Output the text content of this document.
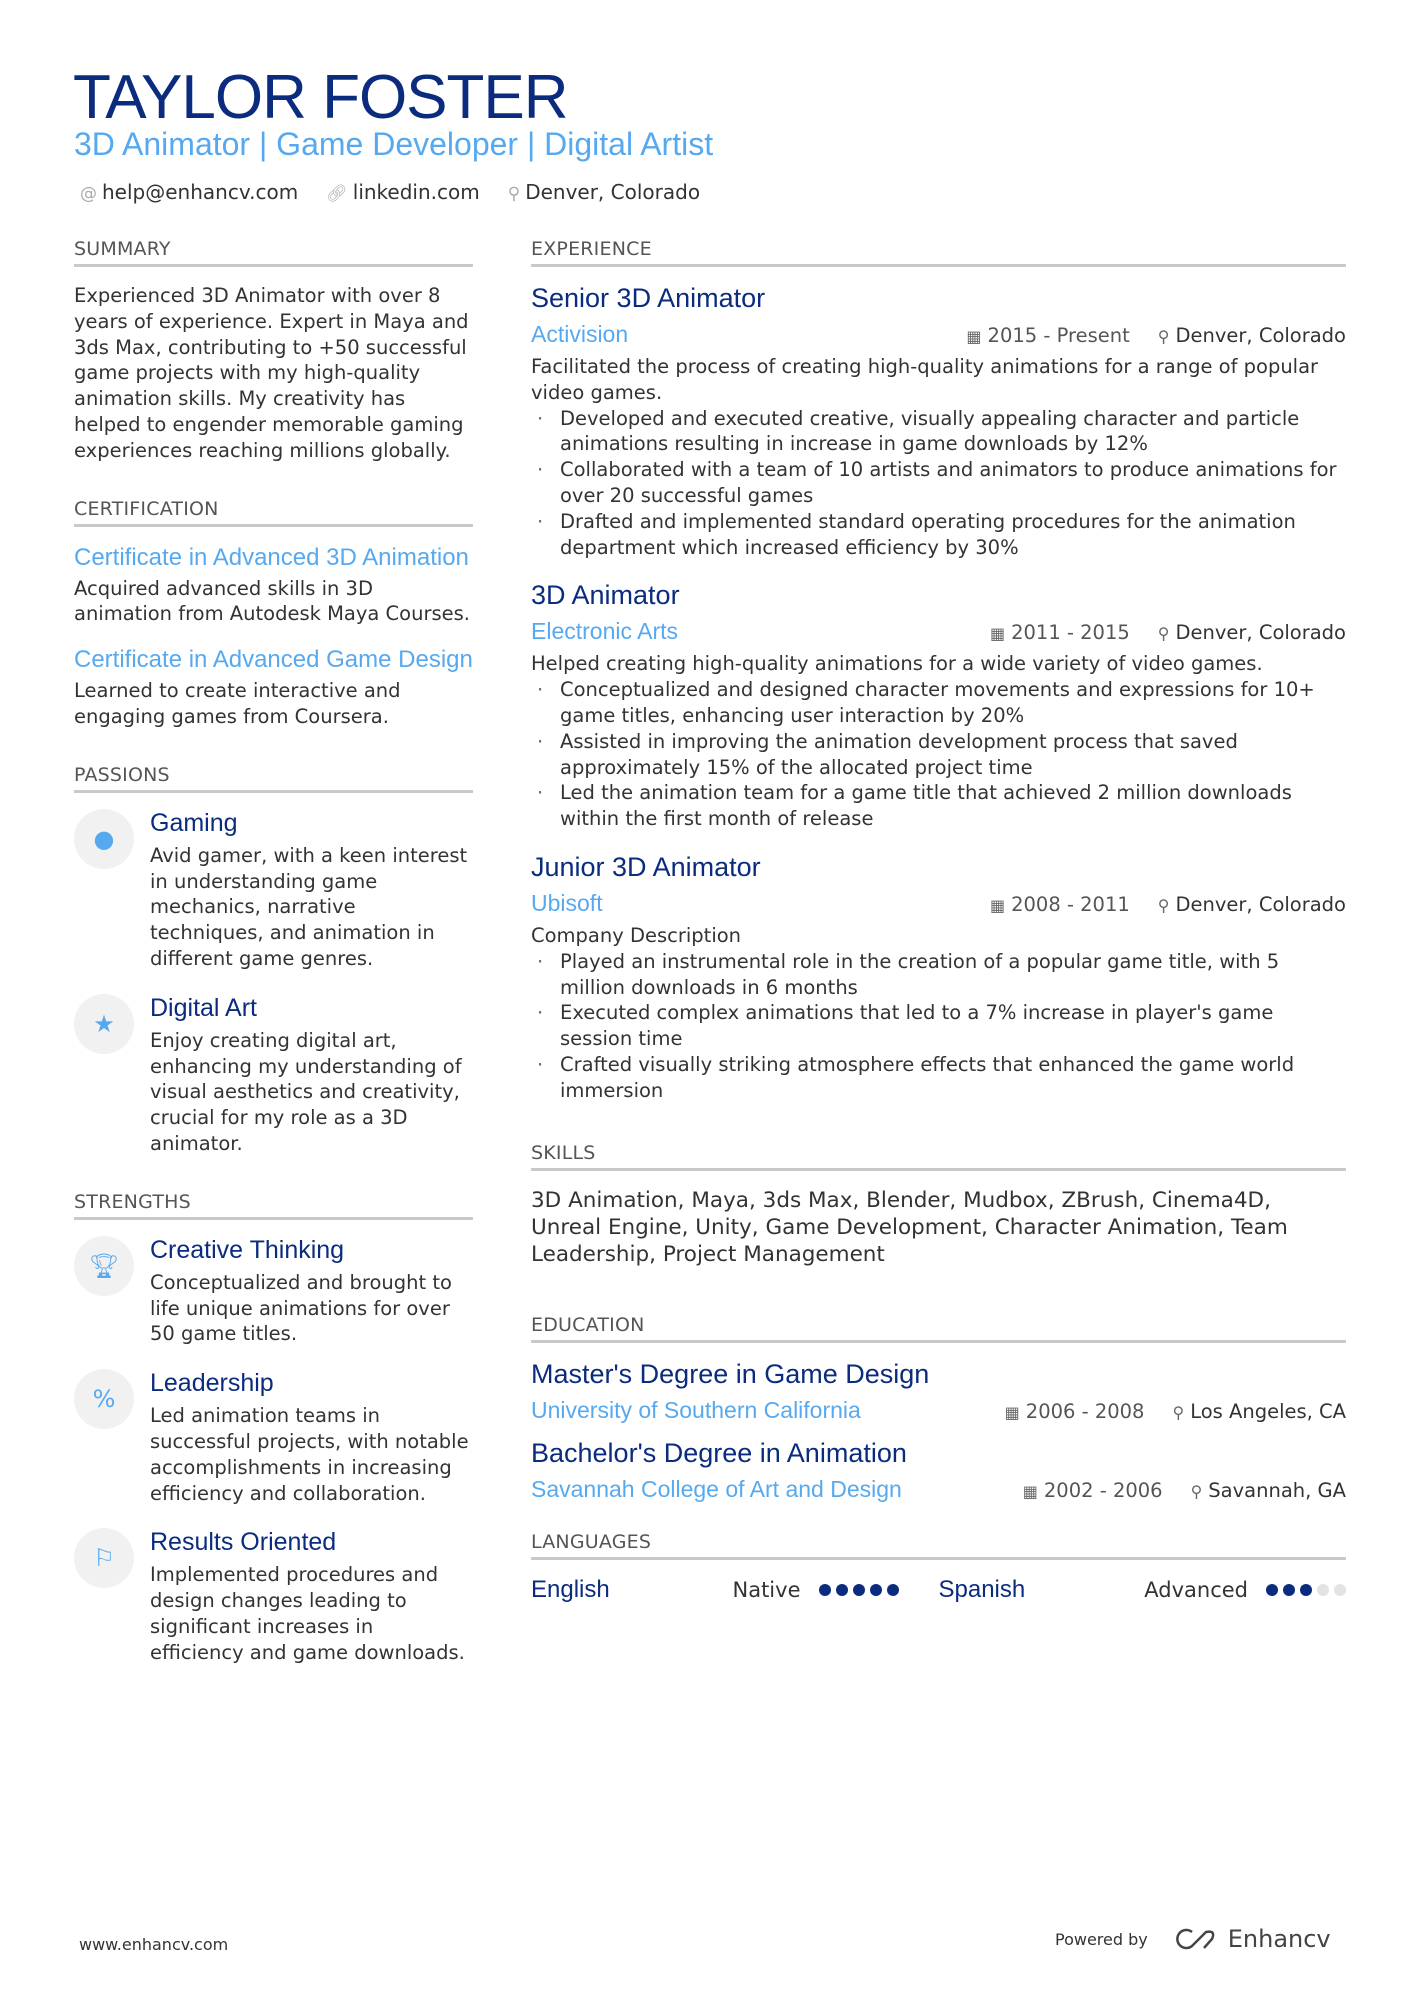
TAYLOR FOSTER
3D Animator | Game Developer | Digital Artist
@ help@enhancv.com 🔗︎ linkedin.com ⚲ Denver, Colorado
SUMMARY
Experienced 3D Animator with over 8 years of experience. Expert in Maya and 3ds Max, contributing to +50 successful game projects with my high-quality animation skills. My creativity has helped to engender memorable gaming experiences reaching millions globally.
CERTIFICATION
Certificate in Advanced 3D Animation
Acquired advanced skills in 3D animation from Autodesk Maya Courses.
Certificate in Advanced Game Design
Learned to create interactive and engaging games from Coursera.
PASSIONS
●
Gaming
Avid gamer, with a keen interest in understanding game mechanics, narrative techniques, and animation in different game genres.
★
Digital Art
Enjoy creating digital art, enhancing my understanding of visual aesthetics and creativity, crucial for my role as a 3D animator.
STRENGTHS
🏆︎
Creative Thinking
Conceptualized and brought to life unique animations for over 50 game titles.
%
Leadership
Led animation teams in successful projects, with notable accomplishments in increasing efficiency and collaboration.
⚐
Results Oriented
Implemented procedures and design changes leading to significant increases in efficiency and game downloads.
EXPERIENCE
Senior 3D Animator
Activision	▦ 2015 - Present ⚲ Denver, Colorado
Facilitated the process of creating high-quality animations for a range of popular video games.
· Developed and executed creative, visually appealing character and particle animations resulting in increase in game downloads by 12%
· Collaborated with a team of 10 artists and animators to produce animations for over 20 successful games
· Drafted and implemented standard operating procedures for the animation department which increased efficiency by 30%
3D Animator
Electronic Arts	▦ 2011 - 2015 ⚲ Denver, Colorado
Helped creating high-quality animations for a wide variety of video games.
· Conceptualized and designed character movements and expressions for 10+ game titles, enhancing user interaction by 20%
· Assisted in improving the animation development process that saved approximately 15% of the allocated project time
· Led the animation team for a game title that achieved 2 million downloads within the first month of release
Junior 3D Animator
Ubisoft	▦ 2008 - 2011 ⚲ Denver, Colorado
Company Description
· Played an instrumental role in the creation of a popular game title, with 5 million downloads in 6 months
· Executed complex animations that led to a 7% increase in player's game session time
· Crafted visually striking atmosphere effects that enhanced the game world immersion
SKILLS
3D Animation, Maya, 3ds Max, Blender, Mudbox, ZBrush, Cinema4D, Unreal Engine, Unity, Game Development, Character Animation, Team Leadership, Project Management
EDUCATION
Master's Degree in Game Design
University of Southern California	▦ 2006 - 2008 ⚲ Los Angeles, CA
Bachelor's Degree in Animation
Savannah College of Art and Design	▦ 2002 - 2006 ⚲ Savannah, GA
LANGUAGES
English	Native	Spanish	Advanced
www.enhancv.com	Powered by	Enhancv
